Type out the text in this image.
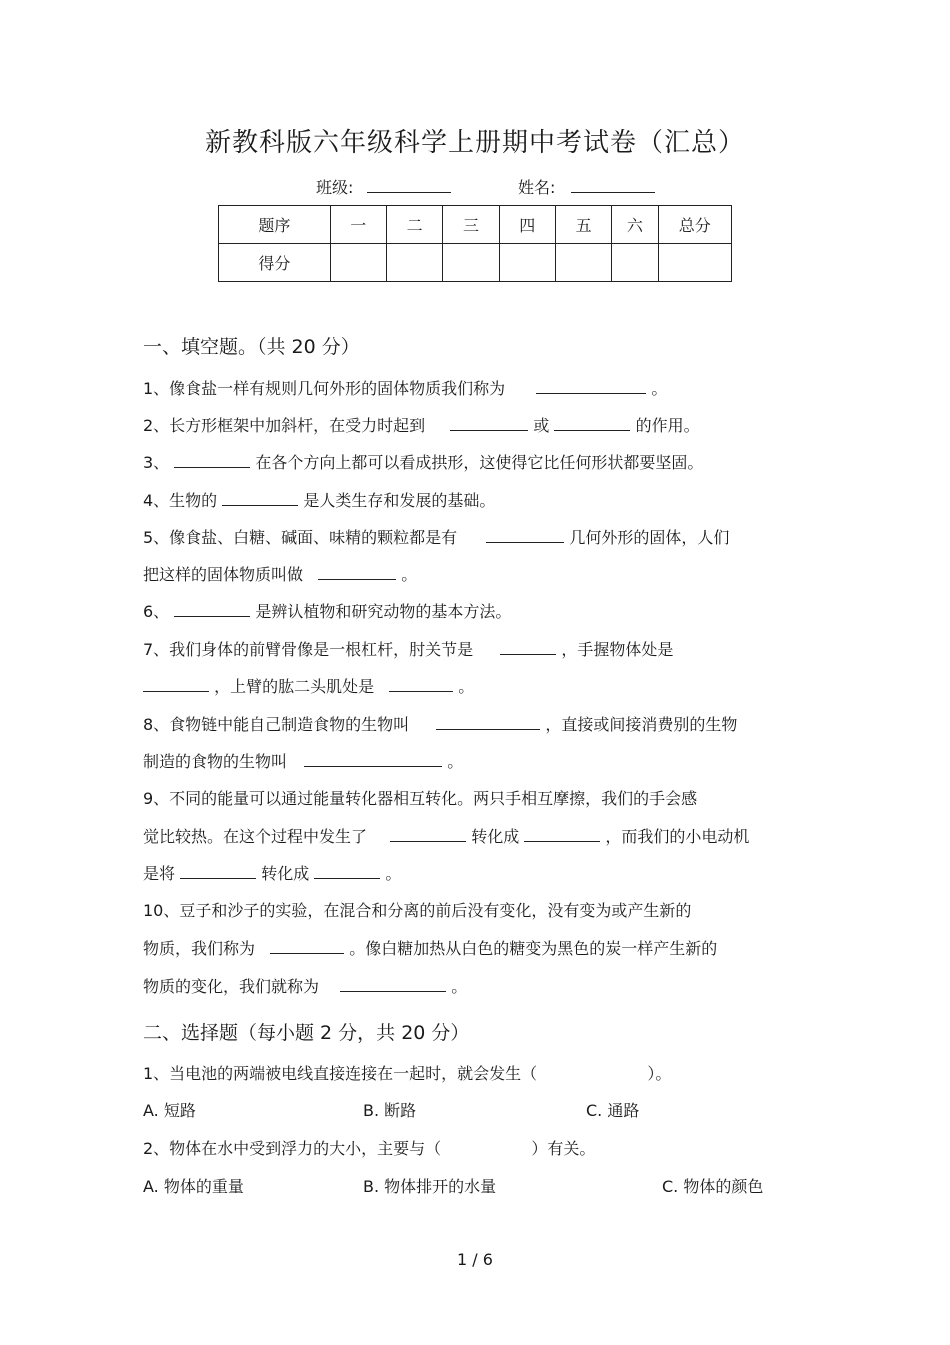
新教科版六年级科学上册期中考试卷（汇总）
班级:	姓名:
题序	一	二	三	四	五	六	总分
得分							
一、填空题。（共 20 分）
1、像食盐一样有规则几何外形的固体物质我们称为	。
2、长方形框架中加斜杆，在受力时起到	或	的作用。
3、	在各个方向上都可以看成拱形，这使得它比任何形状都要坚固。
4、生物的	是人类生存和发展的基础。
5、像食盐、白糖、碱面、味精的颗粒都是有	几何外形的固体，人们
把这样的固体物质叫做	。
6、	是辨认植物和研究动物的基本方法。
7、我们身体的前臂骨像是一根杠杆，肘关节是	，手握物体处是
，上臂的肱二头肌处是	。
8、食物链中能自己制造食物的生物叫	，直接或间接消费别的生物
制造的食物的生物叫	。
9、不同的能量可以通过能量转化器相互转化。两只手相互摩擦，我们的手会感
觉比较热。在这个过程中发生了	转化成	，而我们的小电动机
是将	转化成	。
10、豆子和沙子的实验，在混合和分离的前后没有变化，没有变为或产生新的
物质，我们称为	。像白糖加热从白色的糖变为黑色的炭一样产生新的
物质的变化，我们就称为	。
二、选择题（每小题 2 分，共 20 分）
1、当电池的两端被电线直接连接在一起时，就会发生（	）。
A. 短路	B. 断路	C. 通路
2、物体在水中受到浮力的大小，主要与（	）有关。
A. 物体的重量	B. 物体排开的水量	C. 物体的颜色
1 / 6
